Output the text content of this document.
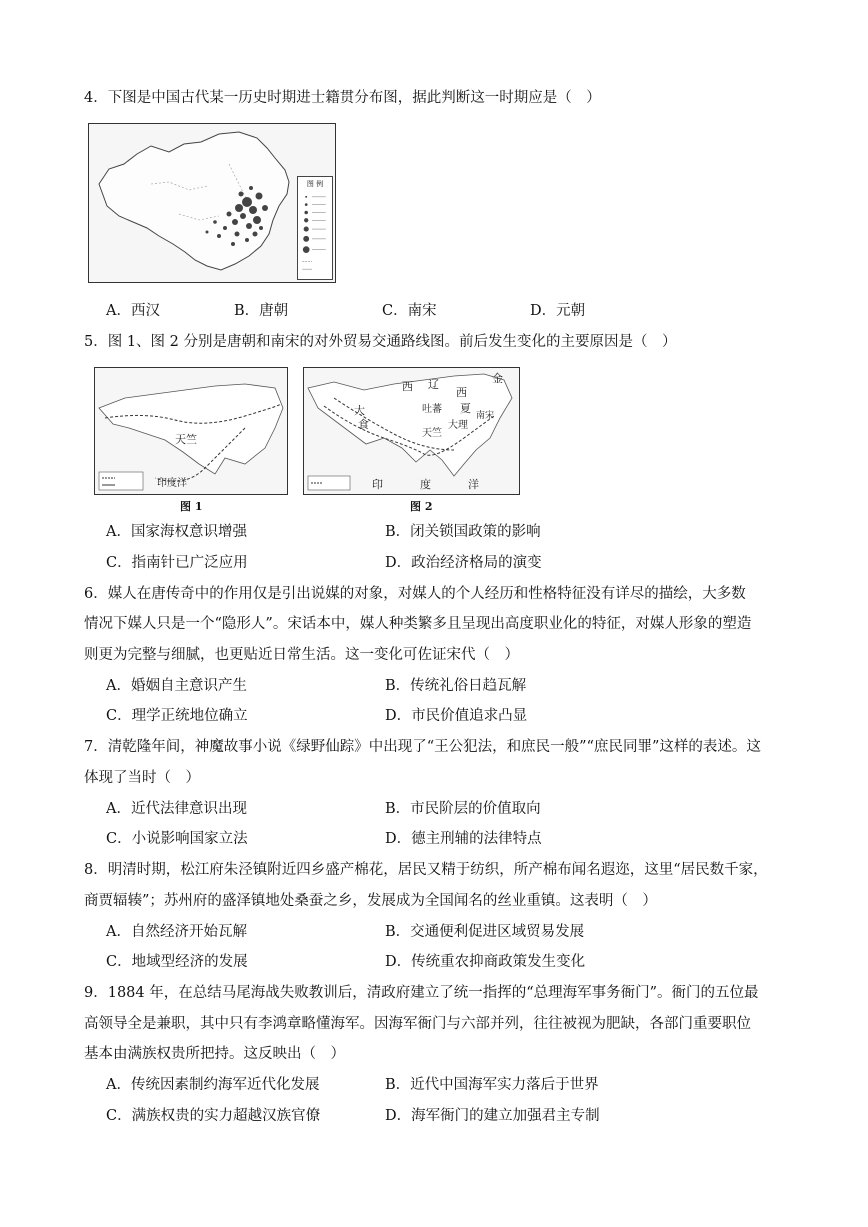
4．下图是中国古代某一历史时期进士籍贯分布图，据此判断这一时期应是（　）
图 例
A．西汉	B．唐朝	C．南宋	D．元朝
5．图 1、图 2 分别是唐朝和南宋的对外贸易交通路线图。前后发生变化的主要原因是（　）
天竺
印度洋
图 1
西 辽
西
夏
金
大
食
吐蕃
大理
南宋
天竺
印	度	洋
图 2
A．国家海权意识增强	B．闭关锁国政策的影响
C．指南针已广泛应用	D．政治经济格局的演变
6．媒人在唐传奇中的作用仅是引出说媒的对象，对媒人的个人经历和性格特征没有详尽的描绘，大多数
情况下媒人只是一个“隐形人”。宋话本中，媒人种类繁多且呈现出高度职业化的特征，对媒人形象的塑造
则更为完整与细腻，也更贴近日常生活。这一变化可佐证宋代（　）
A．婚姻自主意识产生	B．传统礼俗日趋瓦解
C．理学正统地位确立	D．市民价值追求凸显
7．清乾隆年间，神魔故事小说《绿野仙踪》中出现了“王公犯法，和庶民一般”“庶民同罪”这样的表述。这
体现了当时（　）
A．近代法律意识出现	B．市民阶层的价值取向
C．小说影响国家立法	D．德主刑辅的法律特点
8．明清时期，松江府朱泾镇附近四乡盛产棉花，居民又精于纺织，所产棉布闻名遐迩，这里“居民数千家，
商贾辐辏”；苏州府的盛泽镇地处桑蚕之乡，发展成为全国闻名的丝业重镇。这表明（　）
A．自然经济开始瓦解	B．交通便利促进区域贸易发展
C．地域型经济的发展	D．传统重农抑商政策发生变化
9．1884 年，在总结马尾海战失败教训后，清政府建立了统一指挥的“总理海军事务衙门”。衙门的五位最
高领导全是兼职，其中只有李鸿章略懂海军。因海军衙门与六部并列，往往被视为肥缺，各部门重要职位
基本由满族权贵所把持。这反映出（　）
A．传统因素制约海军近代化发展	B．近代中国海军实力落后于世界
C．满族权贵的实力超越汉族官僚	D．海军衙门的建立加强君主专制
